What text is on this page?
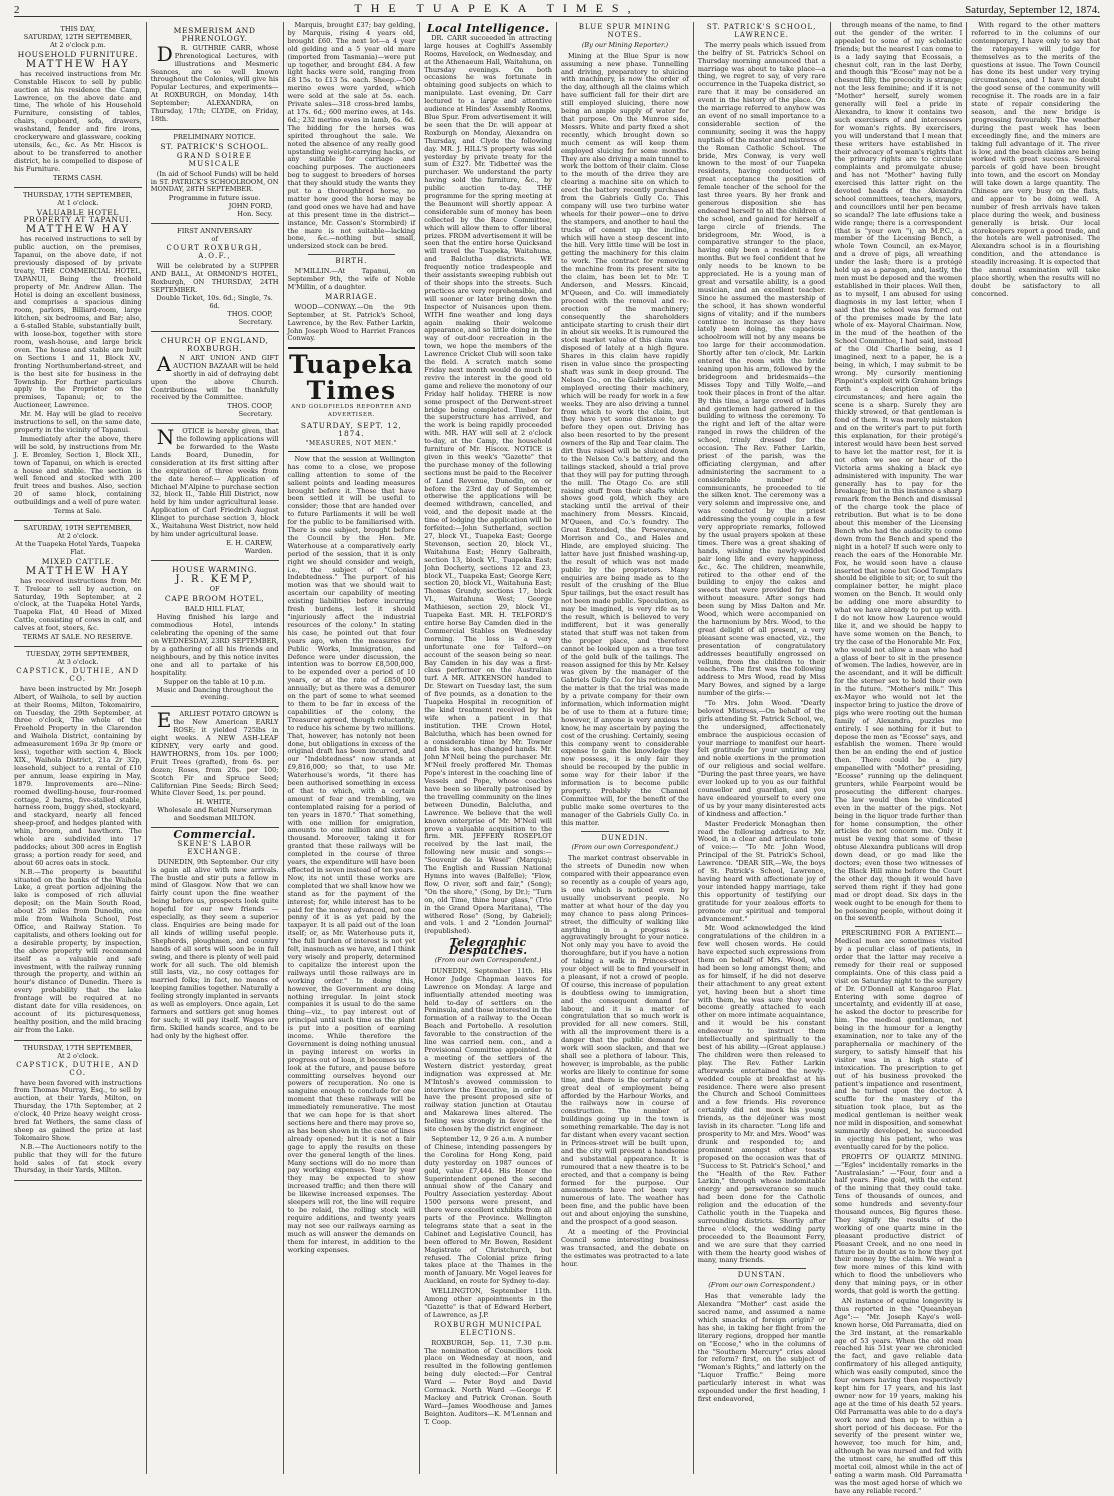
2	THE TUAPEKA TIMES,	Saturday, September 12, 1874.
THIS DAY,
SATURDAY, 12TH SEPTEMBER,
At 2 o'clock p.m.
HOUSEHOLD FURNITURE.
MATTHEW HAY

has received instructions from Mr. Constable Hiscox to sell by public auction at his residence the Camp, Lawrence, on the above date and time, The whole of his Household Furniture, consisting of tables, chairs, cupboard, sofa, drawers, washstand, fender and fire irons, crockeryware and glassware, cooking utensils, &c., &c. As Mr. Hiscox is about to be transferred to another district, he is compelled to dispose of his Furniture.

TERMS CASH.
THURSDAY, 17TH SEPTEMBER,
At 1 o'clock.
VALUABLE HOTEL PROPERTY AT TAPANUI.
MATTHEW HAY

has received instructions to sell by public auction, on the premises, Tapanui, on the above date, if not previously disposed of by private treaty, THE COMMERCIAL HOTEL, TAPANUI, Being the freehold property of Mr. Andrew Allan. The Hotel is doing an excellent business, and comprises a spacious dining room, parlors, Billiard-room, large kitchen, six bedrooms, and Bar; also, a 6-stalled Stable, substantially built, with loose-box, together with store room, wash-house, and large brick oven. The house and stable are built on Sections 1 and 11, Block XV., fronting Northumberland-street, and is the best site for business in the Township. For further particulars apply to the Proprietor on the premises, Tapanui; or, to the Auctioneer, Lawrence.

Mr. M. Hay will be glad to receive instructions to sell, on the same date, property in the vicinity of Tapanui.

Immediately after the above, there will be sold, by instructions from Mr. J. E. Bromley, Section 1, Block XII., town of Tapanui, on which is erected a house and stable. The section is well fenced and stocked with 200 fruit trees and bushes. Also, section 20 of same block, containing outbuildings and a well of pure water.

Terms at Sale.
SATURDAY, 19TH SEPTEMBER,
At 2 o'clock.
At the Tuapeka Hotel Yards, Tuapeka Flat.
MIXED CATTLE.
MATTHEW HAY

has received instructions from Mr. T. Treloar to sell by auction, on Saturday, 19th September, at 2 o'clock, at the Tuapeka Hotel Yards, Tuapeka Flat, 40 Head of Mixed Cattle, consisting of cows in calf, and calves at foot, steers, &c.

TERMS AT SALE. NO RESERVE.
TUESDAY, 29TH SEPTEMBER,
At 3 o'clock.
CAPSTICK, DUTHIE, AND CO.

have been instructed by Mr. Joseph Albert, of Waihola, to sell by auction at their Rooms, Milton, Tokomairiro, on Tuesday, the 29th September, at three o'clock, The whole of the Freehold Property in the Clarendon and Waihola District, containing by admeasurement 169a 3r 9p (more or less), together with section 4, Block XIX., Waihola District, 21a 2r 32p, leasehold, subject to a rental of £10 per annum, lease expiring in May, 1879. Improvements are—Nine-roomed dwelling-house, four-roomed cottage, 2 barns, five-stalled stable, harness room, buggy shed, stockyard, and stackyard, nearly all fenced sheep-proof, and hedges planted with whin, broom, and hawthorn. The whole are subdivided into 17 paddocks; about 300 acres in English grass; a portion ready for seed, and about 60 acres oats in stock.

N.B.—The property is beautiful situated on the banks of the Waihola Lake, a great portion adjoining the lake is composed of rich alluvial deposit; on the Main South Road, about 25 miles from Dunedin, one mile from Waihola School, Post Office, and Railway Station. To capitalists, and others looking out for a desirable property, by inspection, the above property will recommend itself as a valuable and safe investment, with the railway running through the property, and within an hour's distance of Dunedin. There is every probability that the lake frontage will be required at no distant date for villa residences, on account of its picturesqueness, healthy position, and the mild bracing air from the Lake.

THURSDAY, 17TH SEPTEMBER,
At 2 o'clock.
CAPSTICK, DUTHIE, AND CO.

have been favored with instructions from Thomas Murray, Esq., to sell by auction, at their Yards, Milton, on Thursday, the 17th September, at 2 o'clock, 40 Prize heavy weight cross-bred fat Wethers, the same class of sheep as gained the prize at last Tokomairo Show.

N.B.—The Auctioneers notify to the public that they will for the future hold sales of fat stock every Thursday, in their Yards, Milton.

MESMERISM AND PHRENOLOGY.

DR. GUTHRIE CARR, whose Phrenological Lectures, with illustrations and Mesmeric Seances, are so well known throughout the Colonies, will give his Popular Lectures, and experiments— At ROXBURGH, on Monday, 14th September; ALEXANDRA, on Thursday, 17th; CLYDE, on Friday, 18th.

PRELIMINARY NOTICE.
ST. PATRICK'S SCHOOL.
GRAND SOIREE MUSICALE

(In aid of School Funds) will be held in ST. PATRICK'S SCHOOLROOM, ON MONDAY, 28TH SEPTEMBER.

Programme in future issue.
JOHN FORD,
Hon. Secy.
FIRST ANNIVERSARY
of
COURT ROXBURGH, A.O.F.,

Will be celebrated by a SUPPER AND BALL, At ORMOND'S HOTEL, Roxburgh, ON THURSDAY, 24TH SEPTEMBER.

Double Ticket, 10s. 6d.; Single, 7s. 6d.
THOS. COOP,
Secretary.
CHURCH OF ENGLAND, ROXBURGH.

AN ART UNION AND GIFT AUCTION BAZAAR will be held shortly in aid of defraying debt upon the above Church. Contributions will be thankfully received by the Committee.

THOS. COOP,
Secretary.

NOTICE is hereby given, that the following applications will be forwarded to the Waste Lands Board, Dunedin, for consideration at its first sitting after the expiration of three weeks from the date hereof:— Application of Michael M'Alpine to purchase section 32, block II., Table Hill District, now held by him under agricultural lease. Application of Carl Friedrich August Klinget to purchase section 3, block X., Waitahuna West District, now held by him under agricultural lease.

E. H. CAREW,
Warden.
HOUSE WARMING.
J. R. KEMP,
OF
CAPE BROOM HOTEL,
BALD HILL FLAT,

Having finished his large and commodious Hotel, intends celebrating the opening of the same on WEDNESDAY, 23RD SEPTEMBER, by a gathering of all his friends and neighbours, and by this notice invites one and all to partake of his hospitality.

Supper on the table at 10 p.m.
Music and Dancing throughout the evening.

EARLIEST POTATO GROWN is the New American EARLY ROSE; it yielded 725lbs in eight weeks. A NEW ASH-LEAF KIDNEY, very early and good. HAWTHORNS, from 10s. per 1000; Fruit Trees (grafted), from 6s. per dozen; Roses, from 20s. per 100; Scotch Fir and Spruce Seed; Californian Pine Seeds; Birch Seed; White Clover Seed, 1s. per pound.

H. WHITE,
Wholesale and Retail Nurseryman and Seedsman MILTON.
Commercial.
SKENE'S LABOR EXCHANGE.

DUNEDIN, 9th September. Our city is again all alive with new arrivals. The bustle and stir puts a fellow in mind of Glasgow. Now that we can fairly count upon the fine weather being before us, prospects look quite hopeful for our new friends —especially, as they seem a superior class. Enquiries are being made for all kinds of willing useful people. Shepherds, ploughmen, and country hands of all sorts will soon be in full swing, and there is plenty of well paid work for all such. The old blemish still lasts, viz., no cosy cottages for married folks; in fact, no means of keeping families together. Naturally a feeling strongly implanted in servants as well as employers. Once again, Let farmers and settlers get snug homes for such; it will pay itself. Wages are firm. Skilled hands scarce, and to be had only by the highest offer.

Marquis, brought £37; bay gelding, by Marquis, rising 4 years old, brought £60. The next lot—a 4 year old gelding and a 5 year old mare (imported from Tasmania)—were put up together, and brought £84. A few light hacks were sold, ranging from £8 15s. to £13 5s. each. Sheep.—500 merino ewes were yarded, which were sold at the sale at 5s. each. Private sales—318 cross-bred lambs, at 17s. 6d.; 600 merino ewes, at 14s. 6d.; 232 merino ewes in lamb, 6s. 6d. The bidding for the horses was spirited throughout the sale. We noted the absence of any really good upstanding weight-carrying hacks, or any suitable for carriage and coaching purposes. The auctioneers beg to suggest to breeders of horses that they should study the wants they put to a thoroughbred horse, no matter how good the horse may be (and good ones we have had and have at this present time in the district—instance, Mr. Casson's Stormbird) if the mare is not suitable—lacking bone, &c.—nothing but small, undersized stock can be bred.

BIRTH.

M'MILLIN.—At Tapanui, on September 9th, the wife of Noble M'Millin, of a daughter.

MARRIAGE.

WOOD—CONWAY.—On the 9th September, at St. Patrick's School, Lawrence, by the Rev. Father Larkin, John Joseph Wood to Harriet Frances Conway.

Tuapeka Times
AND GOLDFIELDS REPORTER AND ADVERTISER.
SATURDAY, SEPT. 12, 1874.
"MEASURES, NOT MEN."

Now that the session at Wellington has come to a close, we propose calling attention to some of the salient points and leading measures brought before it. Those that have been settled it will be useful to consider; those that are handed over to future Parliaments it will be well for the public to be familiarised with. There is one subject, brought before the Council by the Hon. Mr. Waterhouse at a comparatively early period of the session, that it is only right we should consider and weigh, i.e., the subject of "Colonial Indebtedness." The purport of his motion was that we should wait to ascertain our capability of meeting existing liabilities before incurring fresh burdens, lest it should "injuriously affect the industrial resources of the colony." In stating his case, he pointed out that four years ago, when the measures for Public Works, Immigration, and Defence were under discussion, the intention was to borrow £8,500,000, to be expended over a period of 10 years, or at the rate of £850,000 annually; but as there was a demurer on the part of some to what seemed to them to be far in excess of the capabilities of the colony, the Treasurer agreed, though reluctantly, to reduce his scheme by two millions. That, however, has notonly not been done, but obligations in excess of the original draft has been incurred, and our "Indebtedness" now stands at £9,816,000; so that, to use Mr. Waterhouse's words, "it there has been authorised something in excess of that to which, with a certain amount of fear and trembling, we contemplated raising for a period of ten years in 1870." That something, with one million for emigration, amounts to one million and sixteen thousand. Moreover, taking it for granted that these railways will be completed in the course of three years, the expenditure will have been effected in seven instead of ten years. Now, its not until these works are completed that we shall know how we stand as for the payment of the interest; for, while interest has to be paid for the money advanced, not one penny of it is as yet paid by the taxpayer. It is all paid out of the loan itself; or, as Mr. Waterhouse puts it, "the full burden of interest is not yet felt, inasmuch as we have, and I think very wisely and properly, determined to capitalize the interest upon the railways until those railways are in working order." In doing this, however, the Government are doing nothing irregular. In joint stock companies it is usual to do the same thing—viz., to pay interest out of principal until such time as the plant is put into a position of earning income. While therefore the Government is doing nothing unusual in paying interest on works in progress out of loan, it becomes us to look at the future, and pause before committing ourselves beyond our powers of recuperation. No one is sanguine enough to conclude for one moment that these railways will be immediately remunerative. The most that we can hope for is that short sections here and there may prove so, as has been shown in the case of lines already opened; but it is not a fair gage to apply the results on these over the general length of the lines. Many sections will do no more than pay working expenses. Year by year they may be expected to show increased traffic; and then there will be likewise increased expenses. The sleepers will rot, the line will require to be relaid, the rolling stock will require additions, and twenty years may not see our railways earning as much as will answer the demands on them for interest, in addition to the working expenses.

Local Intelligence.

DR. CARR succeeded in attracting large houses at Coghill's Assembly Rooms, Havelock, on Wednesday, and at the Athenaeum Hall, Waitahuna, on Thursday evenings. On both occasions he was fortunate in obtaining good subjects on which to manipulate. Last evening, Dr. Carr lectured to a large and attentive audience at Hindes' Assembly Rooms, Blue Spur. From advertisement it will be seen that the Dr. will appear at Roxburgh on Monday, Alexandra on Thursday, and Clyde the following day. MR. J. HILL'S property was sold yesterday by private treaty for the sum of £327. Mr. Tidbetter was the purchaser. We understand the party having sold the furniture, &c., by public auction to-day. THE programme for the spring meeting at the Beaumont will shortly appear. A considerable sum of money has been collected by the Race Committee, which will allow them to offer liberal prizes. FROM advertisement it will be seen that the entire horse Quicksand will travel the Tuapeka, Waitahuna, and Balclutha districts. WE frequently notice tradespeople and their assistants sweeping rubbish out of their shops into the streets. Such practices are very reprehensible, and will sooner or later bring down the Inspector of Nuisances upon them. WITH fine weather and long days again making their welcome appearance, and so little doing in the way of out-door recreation in the town, we hope the members of the Lawrence Cricket Club will soon take the field. A scratch match some Friday next month would do much to revive the interest in the good old game and relieve the monotony of our Friday half holiday. THERE is now some prospect of the Derwent-street bridge being completed. Timber for the superstructure has arrived, and the work is being rapidly proceeded with. MR. HAY will sell at 2 o'clock to-day, at the Camp, the household furniture of Mr. Hiscox. NOTICE is given in this week's "Gazette" that the purchase money of the following sections must be paid to the Receiver of Land Revenue, Dunedin, on or before the 23rd day of September, otherwise the applications will be deemed withdrawn, cancelled, and void, and the deposit made at the time of lodging the application will be forfeited:—John Sutherland, section 27, block VI., Tuapeka East; George Stevenson, section 20, block VI., Waitahuna East; Henry Galbraith, section 13, block VI., Tuapeka East; John Docherty, sections 12 and 23, block VI., Tuapeka East; George Kerr, section 20, block VI., Waitahuna East; Thomas Grundy, sections 17, block VI., Waitahuna West; George Mathieson, section 29, block VI., Tuapeka East. MR. H. TELFORD'S entire horse Bay Camden died in the Commercial Stables on Wednesday morning. The loss is a very unfortunate one for Telford—on account of the season being so near. Bay Camden in his day was a first-class performer on the Australian turf. A MR. AITKENSON handed to Dr. Stewart on Tuesday last, the sum of five pounds, as a donation to the Tuapeka Hospital in recognition of the kind treatment received by his wife when a patient in that institution. THE Crown Hotel, Balclutha, which has been owned for a considerable time by Mr. Towner and his son, has changed hands. Mr. John M'Neil being the purchaser. Mr. M'Neil freely proffered Mr. Thomas Pope's interest in the coaching line of Vessels and Pope, whose coaches have been so liberally patronised by the travelling community on the lines between Dunedin, Balclutha, and Lawrence. We believe that the well known enterprise of Mr. M'Neil will prove a valuable acquisition to the firm. MR. JEFFERY ROSEPLOT received by the last mail, the following new music and songs:— "Souvenir de la Wesel" (Marquis); The English and Russian National Hymns into waves (Balfelle); "Flow, flow, O river, soft and fair," (Song); "On the shore," (Song, by Dr.); "Turn on, old Time, thine hour glass," (Trio in the Grand Opera Maritana), "The withered Rose" (Song, by Gabriel); and vols. 1 and 2 "London Journal" (republished).

Telegraphic Despatches.
(From our own Correspondent.)

DUNEDIN, September 11th. His Honor Judge Chapman leaves for Lawrence on Monday. A large and influentially attended meeting was held to-day of settlers on the Peninsula, and those interested in the formation of a railway to the Ocean Beach and Portobello. A resolution favorable to the construction of the line was carried nem. con., and a Provisional Committee appointed. At a meeting of the settlers of the Western district yesterday, great indignation was expressed at Mr. M'Intosh's avowed commission to interview the Executive, in order to have the present proposed site of railway station junction at Otautau and Makarewa lines altered. The feeling was strongly in favor of the site chosen by the district engineer.

September 12, 9 26 a.m. A number of Chinese, intending passengers by the Corolina for Hong Kong, paid duty yesterday on 1987 ounces of gold, value £7,444. His Honor the Superintendent opened the second annual show of the Canary and Poultry Association yesterday. About 1500 persons were present, and there were excellent exhibits from all parts of the Province. Wellington telegrams state that a seat in the Cabinet and Legislative Council, has been offered to Mr. Bowen, Resident Magistrate of Christchurch, but refused. The Colonial prize firing takes place at the Thames in the month of January. Mr. Vogel leaves for Auckland, en route for Sydney to-day.

WELLINGTON, September 11th. Among other appointments in the "Gazette" is that of Edward Herbert, of Lawrence, as J.P.

ROXBURGH MUNICIPAL ELECTIONS.

ROXBURGH, Sep. 11, 7.30 p.m. The nomination of Councillors took place on Wednesday at noon, and resulted in the following gentlemen being duly elected:—For Central Ward — Peter Boyd and David Cormack. North Ward —George F. Mackey and Patrick Cronan. South Ward—James Woodhouse and James Beighton. Auditors—K. M'Lennan and T. Coop.

BLUE SPUR MINING NOTES.
(By our Mining Reporter.)

Mining at the Blue Spur is now assuming a new phase. Tunnelling and driving, preparatory to sluicing with machinery, is now the order of the day, although all the claims which have sufficient fall for their dirt are still employed sluicing, there now being an ample supply of water for that purpose. On the Munroe side, Messrs. White and party fixed a shot recently, which brought down so much cement as will keep them employed sluicing for some months. They are also driving a main tunnel to work the bottom of their claim. Close to the mouth of the drive they are clearing a machine site on which to erect the battery recently purchased from the Gabriels Gully Co. This company will use two turbine water wheels for their power—one to drive the stampers, and another to haul the trucks of cement up the incline, which will have a steep descent into the hill. Very little time will be lost in getting the machinery for this claim to work. The contract for removing the machine from its present site to the claim, has been let to Mr. T. Anderson, and Messrs. Kincaid, M'Queen, and Co. will immediately proceed with the removal and re-erection of the machinery; consequently the shareholders anticipate starting to crush their dirt in about six weeks. It is rumoured the stock market value of this claim was disposed of lately at a high figure. Shares in this claim have rapidly risen in value since the prospecting shaft was sunk in deep ground. The Nelson Co., on the Gabriels side, are employed erecting their machinery, which will be ready for work in a few weeks. They are also driving a tunnel from which to work the claim, but they have yet some distance to go before they open out. Driving has also been resorted to by the present owners of the Rip and Tear claim. The dirt thus raised will be sluiced down to the Nelson Co.'s battery, and the tailings stacked, should a trial prove that they will pay for putting through the mill. The Otago Co. are still raising stuff from their shafts which shows good gold, which they are stacking until the arrival of their machinery from Messrs. Kincaid, M'Queen, and Co.'s foundry. The Great Extended, the Perseverance, Morrison and Co., and Hales and Hinde, are employed sluicing. The latter have just finished washing-up, the result of which was not made public by the proprietors. Many enquiries are being made as to the result of the crushing of the Blue Spur tailings, but the exact result has not been made public. Speculation, as may be imagined, is very rife as to the result, which is believed to very indifferent, but it was generally stated that stuff was not taken from the proper place, and therefore cannot be looked upon as a true test of the gold bulk of the tailings. The reason assigned for this by Mr. Kelsey was given by the manager of the Gabriels Gully Co. for his reticence in the matter is that the trial was made by a private company for their own information, which information might be of use to them at a future time; however, if anyone is very anxious to know, he may ascertain by paying the cost of the crushing. Certainly, seeing this company went to considerable expense to gain the knowledge they now possess, it is only fair they should be recouped by the public in some way for their labor if the information is to become public property. Probably the Channel Committee will, for the benefit of the public make some overtures to the manager of the Gabriels Gully Co. in this matter.

DUNEDIN.
(From our own Correspondent.)

The market contrast observable in the streets of Dunedin now when compared with their appearance even so recently as a couple of years ago, is one which is noticed even by usually unobservant people. No matter at what hour of the day you may chance to pass along Princes-street, the difficulty of walking like anything in a progress is aggravatingly brought to your notice. Not only may you have to avoid the thoroughfare, but if you have a notion of taking a walk in Princes-street your object will be to find yourself in a pleasant, if not a crowd of people. Of course, this increase of population is doubtless owing to immigration, and the consequent demand for labour, and it is a matter of congratulation that so much work is provided for all new comers. Still, with all the improvement there is a danger that the public demand for work will soon slacken, and that we shall see a plethora of labour. This, however, is improbable, as the public works are likely to continue for some time, and there is the certainty of a great deal of employment being afforded by the Harbour Works, and the railways now in course of construction. The number of buildings going up in the town is something remarkable. The day is not far distant when every vacant section in Princes-street will be built upon, and the city will present a handsome and substantial appearance. It is rumoured that a new theatre is to be erected, and that a company is being formed for the purpose. Our amusements have not been very numerous of late. The weather has been fine, and the public have been out and about enjoying the sunshine, and the prospect of a good season.

At a meeting of the Provincial Council some interesting business was transacted, and the debate on the estimates was protracted to a late hour.

ST. PATRICK'S SCHOOL, LAWRENCE.

The merry peals which issued from the belfry of St. Patrick's School on Thursday morning announced that a marriage was about to take place—a thing, we regret to say, of very rare occurrence in the Tuapeka district, so rare that it may be considered an event in the history of the place. On the marriage referred to anyhow was an event of no small importance to a considerable section of the community, seeing it was the happy nuptials of the master and mistress of the Roman Catholic School. The bride, Mrs Conway, is very well known to the most of our Tuapeka residents, having conducted with great acceptance the position of female teacher of the school for the last three years. By her frank and generous disposition she has endeared herself to all the children of the school, and gained for herself a large circle of friends. The bridegroom, Mr. Wood, is a comparative stranger to the place, having only been a resident a few months. But we feel confident that he only needs to be known to be appreciated. He is a young man of great and versatile ability, is a good musician, and an excellent teacher. Since he assumed the mastership of the school, it has shown wonderful signs of vitality; and if the numbers continue to increase as they have lately been doing, the capacious schoolroom will not by any means be too large for their accommodation. Shortly after ten o'clock, Mr. Larkin entered the room with the bride leaning upon his arm, followed by the bridegroom and bridesmaids—the Misses Topy and Tilly Wolfe,—and took their places in front of the altar. By this time, a large crowd of ladies and gentlemen had gathered in the building to witness the ceremony. To the right and left of the altar were ranged in rows the children of the school, trimly dressed for the occasion. The Rev. Father Larkin, priest of the parish, was the officiating clergyman, and after administering the sacrament to a considerable number of communicants, he proceeded to tie the silken knot. The ceremony was a very solemn and impressive one, and was conducted by the priest addressing the young couple in a few very appropriate remarks, followed by the usual prayers spoken at these times. There was a great shaking of hands, wishing the newly-wedded pair long life and every happiness, &c., &c. The children, meanwhile, retired to the other end of the building to enjoy the cakes and sweets that were provided for them without measure. After songs had been sung by Miss Dalton and Mr. Wood, which were accompanied on the harmonium by Mrs. Wood, to the great delight of all present, a very pleasant scene was enacted, viz., the presentation of congratulatory addresses beautifully engrossed on vellum, from the children to their teachers. The first was the following address to Mrs Wood, read by Miss Mary Bowes, and signed by a large number of the girls:—

"To Mrs. John Wood. "Dearly beloved Mistress,—On behalf of the girls attending St. Patrick School, we, the undersigned, affectionately embrace the auspicious occasion of your marriage to manifest our heart-felt gratitude for your untiring zeal and noble exertions in the promotion of our religious and social welfare. "During the past three years, we have ever looked up to you as our faithful counsellor and guardian, and you have endeared yourself to every one of us by your many disinterested acts of kindness and affection."

Master Frederick Monaghan then read the following address to Mr. Wood, in a clear and articulate tone of voice:— "To Mr. John Wood, Principal of the St. Patrick's School, Lawrence. "DEAR SIR,—We, the boys of St. Patrick's School, Lawrence, having heard with affectionate joy of your intended happy marriage, take this opportunity of testifying our gratitude for your zealous efforts to promote our spiritual and temporal advancement."

Mr. Wood acknowledged the kind congratulations of the children in a few well chosen words. He could have expected such expressions from them on behalf of Mrs. Wood, who had been so long amongst them; and as for himself, if he did not deserve their attachment to any great extent yet, having been but a short time with them, he was sure they would become greatly attached to each other on more intimate acquaintance, and it would be his constant endeavour to instruct them intellectually and spiritually to the best of his ability.—(Great applause.) The children were then released to play. The Rev. Father Larkin afterwards entertained the newly-wedded couple at breakfast at his residence. There were also present the Church and School Committees and a few friends. His reverence certainly did not mock his young friends, as the déjeûner was most lavish in its character. "Long life and prosperity to Mr. and Mrs. Wood" was drunk and responded to; and prominent amongst other toasts proposed on the occasion was that of "Success to St. Patrick's School," and the "Health of the Rev. Father Larkin," through whose indomitable energy and perseverance so much had been done for the Catholic religion and the education of the Catholic youth in the Tuapeka and surrounding districts. Shortly after three o'clock, the wedding party proceeded to the Beaumont Ferry, and we are sure that they carried with them the hearty good wishes of many, many friends.

DUNSTAN.
(From our own Correspondent.)

Has that venerable lady the Alexandra "Mother" cast aside the sacred name, and assumed a name which smacks of foreign origin? or has she, in taking her flight from the literary regions, dropped her mantle on "Eccose," who in the columns of the "Southern Mercury" cries aloud for reform? first, on the subject of "Woman's Rights," and latterly on the "Liquor Traffic." Being more particularly interest in what was expounded under the first heading, I first endeavored,

through means of the name, to find out the gender of the writer. I appealed to some of my scholastic friends; but the nearest I can come to is a lady saying that Ecossais, a chesnut colt, ran in the last Derby, and though this "Ecose" may not be a chesnut filly, the precocity is strange; not the less feminine; and if it is not "Mother" herself, surely women generally will feel a pride in Alexandra, to know it contains two such exercisers of and intercessors for woman's rights. By exercisers, you will understand that I mean that these writers have established in their advocacy of woman's rights that the primary rights are to circulate complaints and promulgate abuse; and has not "Mother" having fully exercised this latter right on the devoted heads of the Alexandra school committees, teachers, mayors, and councillors until her pen became so scandal? The late effusions take a wide range; there is a correspondent (that is "your own "), an M.P.C., a member of the Licensing Bench, a whole Town Council, an ex-Mayor, and a drove of pigs, all wreathing under the lash; there is a protégé held up as a paragon, and, lastly, the men must be deposed and the women established in their places. Well then, as to myself, I am abused for using diagnosis in my last letter, when I said that the school was formed out of the premises made by the late whole of ex- Mayoral Chairman. Now, in the mud of the heathen of the School Committee, I had said, instead of the Old Charlie being, as I imagined, next to a paper, he is a being, in which, I may submit to be wrong. My cursorily mentioning Pinpoint's exploit with Graham brings forth a description of the circumstances; and here again the scene is a sharp. Surely they are thickly strewed, or that gentleman is fond of them. It was merely mistaken and on the writer's part to put forth this explanation, for their protégé's interest would have been best served to have let the matter rest, for it is not often we see or hear of the Victoria arms shaking a black eye administered with impunity. The war generally has to pay for the breakage; but in this instance a sharp remark from the Bench and dismissal of the charge took the place of retribution. But what is to be done about this member of the Licensing Bench who had the audacity to come down from the Bench and spend the night in a hotel? If such were only to reach the ears of the Honorable Mr. Fox, he would soon have a clause inserted that none but Good Templars should be eligible to sit; or, to suit the complainer better, he might place women on the Bench. It would only be adding one more absurdity to what we have already to put up with. I do not know how Laurence would like it, and we should be happy to have some women on the Bench, to try the case of the Honorable Mr. Fox, who would not allow a man who had a glass of beer to sit in the presence of women. The ladies, however, are in the ascendant, and it will be difficult for the sterner sex to hold their own in the future. "Mother's milk." This ex-Mayor who would not let the inspector bring to justice the drove of pigs who were rooting out the human family of Alexandra, puzzles me entirely. I see nothing for it but to depose the men as "Ecosse" says, and establish the women. There would then be an ending the end of justice then. There could be a jury empanelled with "Mother" presiding, "Ecosse" running up the delinquent grunters, while Fearpoint would be prosecuting the different charges. The law would then be vindicated even in the matter of the pigs. Not being in the liquor trade further than for home consumption, the other articles do not concern me. Only it must be vexing that some of these obtuse Alexandra publicans will drop down dead, or go mad like the doctors; even those two witnesses of the Black Hill mine before the Court the other day, though it would have served them right if they had gone mad or dropt dead. Six days in the week ought to be enough for them to be poisoning people, without doing it on the seventh.

PRESCRIBING FOR A PATIENT.—Medical men are sometimes visited by a peculiar class of patients, in order that the latter may receive a remedy for their real or supposed complaints. One of this class paid a visit on Saturday night to the surgery of Dr. O'Donnell at Kangaroo Flat. Entering with some degree of uncertainty, and evidently ill at ease, he asked the doctor to prescribe for him. The medical gentleman, not being in the humour for a lengthy examination, nor to take any of the paraphernalia or machinery of the surgery, to satisfy himself that his visitor was in a high state of intoxication. The prescription to get out of his business provoked the patient's impatience and resentment, and he turned upon the doctor. A scuffle for the mastery of the situation took place, but as the medical gentleman is neither weak nor mild in disposition, and somewhat summarily developed, he succeeded in ejecting his patient, who was eventually cared for by the police.

PROFITS OF QUARTZ MINING.—"Egles" incidentally remarks in the "Australasian:" —"Four, four and a half years. Fine gold, with the extent of the mining that they could take. Tens of thousands of ounces, and some hundreds and seventy-four thousand ounces, Big figures these. They signify the results of the working of one quartz mine in the pleasant productive district of Pleasant Creek, and no one need in future be in doubt as to how they got their money by the claim. We want a few more mines of this kind with which to flood the unbelievers who deny that mining pays, or in other words, that gold is worth the getting.

AN instance of equine longevity is thus reported in the "Queanbeyan Age":— "Mr. Joseph Kaye's well-known horse, Old Parramatta, died on the 3rd instant, at the remarkable age of 53 years. When the old roan reached his 51st year we chronicled the fact, and gave reliable data confirmatory of his alleged antiquity, which was easily computed, since the four owners having then respectively kept him for 17 years, and his last owner now for 19 years, making his age at the time of his death 52 years. Old Parramatta was able to do a day's work now and then up to within a short period of his decease. For the severity of the present winter we, however, too much for him, and, although he was nursed and fed with the utmost care, he snuffed off this mortal coil, almost while in the act of eating a warm mash. Old Parramatta was the most aged horse of which we have any reliable record."

With regard to the other matters referred to in the columns of our contemporary, I have only to say that the ratepayers will judge for themselves as to the merits of the questions at issue. The Town Council has done its best under very trying circumstances, and I have no doubt the good sense of the community will recognise it. The roads are in a fair state of repair considering the season, and the new bridge is progressing favourably. The weather during the past week has been exceedingly fine, and the miners are taking full advantage of it. The river is low, and the beach claims are being worked with great success. Several parcels of gold have been brought into town, and the escort on Monday will take down a large quantity. The Chinese are very busy on the flats, and appear to be doing well. A number of fresh arrivals have taken place during the week, and business generally is brisk. Our local storekeepers report a good trade, and the hotels are well patronised. The Alexandra school is in a flourishing condition, and the attendance is steadily increasing. It is expected that the annual examination will take place shortly, when the results will no doubt be satisfactory to all concerned.
